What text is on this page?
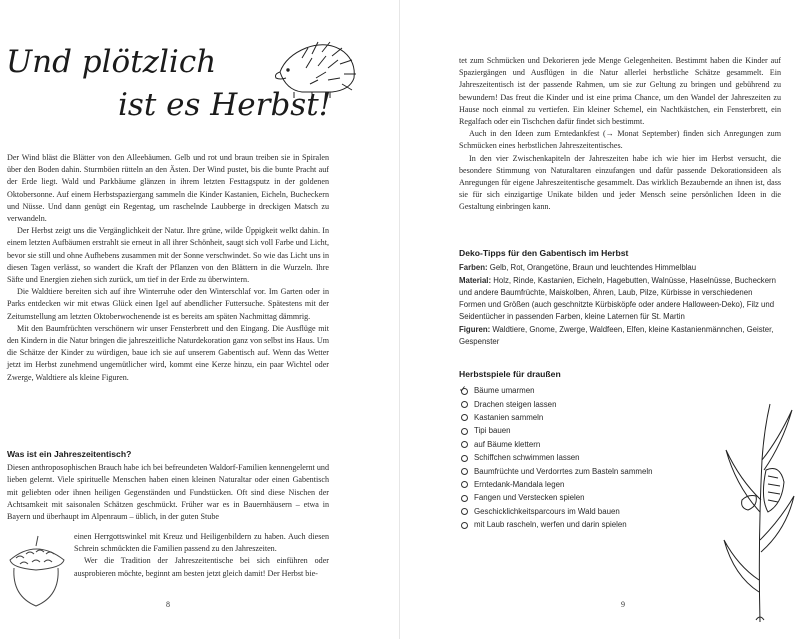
Und plötzlich
ist es Herbst!

Der Wind bläst die Blätter von den Alleebäumen. Gelb und rot und braun treiben sie in Spiralen über den Boden dahin. Sturmböen rütteln an den Ästen. Der Wind pustet, bis die bunte Pracht auf der Erde liegt. Wald und Parkbäume glänzen in ihrem letzten Festtagsputz in der goldenen Oktobersonne. Auf einem Herbstspaziergang sammeln die Kinder Kastanien, Eicheln, Bucheckern und Nüsse. Und dann genügt ein Regentag, um raschelnde Laubberge in dreckigen Matsch zu verwandeln.

Der Herbst zeigt uns die Vergänglichkeit der Natur. Ihre grüne, wilde Üppigkeit welkt dahin. In einem letzten Aufbäumen erstrahlt sie erneut in all ihrer Schönheit, saugt sich voll Farbe und Licht, bevor sie still und ohne Aufhebens zusammen mit der Sonne verschwindet. So wie das Licht uns in diesen Tagen verlässt, so wandert die Kraft der Pflanzen von den Blättern in die Wurzeln. Ihre Säfte und Energien ziehen sich zurück, um tief in der Erde zu überwintern.

Die Waldtiere bereiten sich auf ihre Winterruhe oder den Winterschlaf vor. Im Garten oder in Parks entdecken wir mit etwas Glück einen Igel auf abendlicher Futtersuche. Spätestens mit der Zeitumstellung am letzten Oktoberwochenende ist es bereits am späten Nachmittag dämmrig.

Mit den Baumfrüchten verschönern wir unser Fensterbrett und den Eingang. Die Ausflüge mit den Kindern in die Natur bringen die jahreszeitliche Naturdekoration ganz von selbst ins Haus. Um die Schätze der Kinder zu würdigen, baue ich sie auf unserem Gabentisch auf. Wenn das Wetter jetzt im Herbst zunehmend ungemütlicher wird, kommt eine Kerze hinzu, ein paar Wichtel oder Zwerge, Waldtiere als kleine Figuren.

Was ist ein Jahreszeitentisch?

Diesen anthroposophischen Brauch habe ich bei befreundeten Waldorf-Familien kennengelernt und lieben gelernt. Viele spirituelle Menschen haben einen kleinen Naturaltar oder einen Gabentisch mit geliebten oder ihnen heiligen Gegenständen und Fundstücken. Oft sind diese Nischen der Achtsamkeit mit saisonalen Schätzen geschmückt. Früher war es in Bauernhäusern – etwa in Bayern und überhaupt im Alpenraum – üblich, in der guten Stube

einen Herrgottswinkel mit Kreuz und Heiligenbildern zu haben. Auch diesen Schrein schmückten die Familien passend zu den Jahreszeiten.

Wer die Tradition der Jahreszeitentische bei sich einführen oder ausprobieren möchte, beginnt am besten jetzt gleich damit! Der Herbst bie-

8

tet zum Schmücken und Dekorieren jede Menge Gelegenheiten. Bestimmt haben die Kinder auf Spaziergängen und Ausflügen in die Natur allerlei herbstliche Schätze gesammelt. Ein Jahreszeitentisch ist der passende Rahmen, um sie zur Geltung zu bringen und gebührend zu bewundern! Das freut die Kinder und ist eine prima Chance, um den Wandel der Jahreszeiten zu Hause noch einmal zu vertiefen. Ein kleiner Schemel, ein Nachtkästchen, ein Fensterbrett, ein Regalfach oder ein Tischchen dafür findet sich bestimmt.

Auch in den Ideen zum Erntedankfest (→ Monat September) finden sich Anregungen zum Schmücken eines herbstlichen Jahreszeitentisches.

In den vier Zwischenkapiteln der Jahreszeiten habe ich wie hier im Herbst versucht, die besondere Stimmung von Naturaltaren einzufangen und dafür passende Dekorationsideen als Anregungen für eigene Jahreszeitentische gesammelt. Das wirklich Bezaubernde an ihnen ist, dass sie für sich einzigartige Unikate bilden und jeder Mensch seine persönlichen Ideen in die Gestaltung einbringen kann.

Deko-Tipps für den Gabentisch im Herbst

Farben: Gelb, Rot, Orangetöne, Braun und leuchtendes Himmelblau

Material: Holz, Rinde, Kastanien, Eicheln, Hagebutten, Walnüsse, Haselnüsse, Bucheckern und andere Baumfrüchte, Maiskolben, Ähren, Laub, Pilze, Kürbisse in verschiedenen Formen und Größen (auch geschnitzte Kürbisköpfe oder andere Halloween-Deko), Filz und Seidentücher in passenden Farben, kleine Laternen für St. Martin

Figuren: Waldtiere, Gnome, Zwerge, Waldfeen, Elfen, kleine Kastanienmännchen, Geister, Gespenster

Herbstspiele für draußen
✓ Bäume umarmen
Drachen steigen lassen
Kastanien sammeln
Tipi bauen
auf Bäume klettern
Schiffchen schwimmen lassen
Baumfrüchte und Verdorrtes zum Basteln sammeln
Erntedank-Mandala legen
Fangen und Verstecken spielen
Geschicklichkeitsparcours im Wald bauen
mit Laub rascheln, werfen und darin spielen
9
